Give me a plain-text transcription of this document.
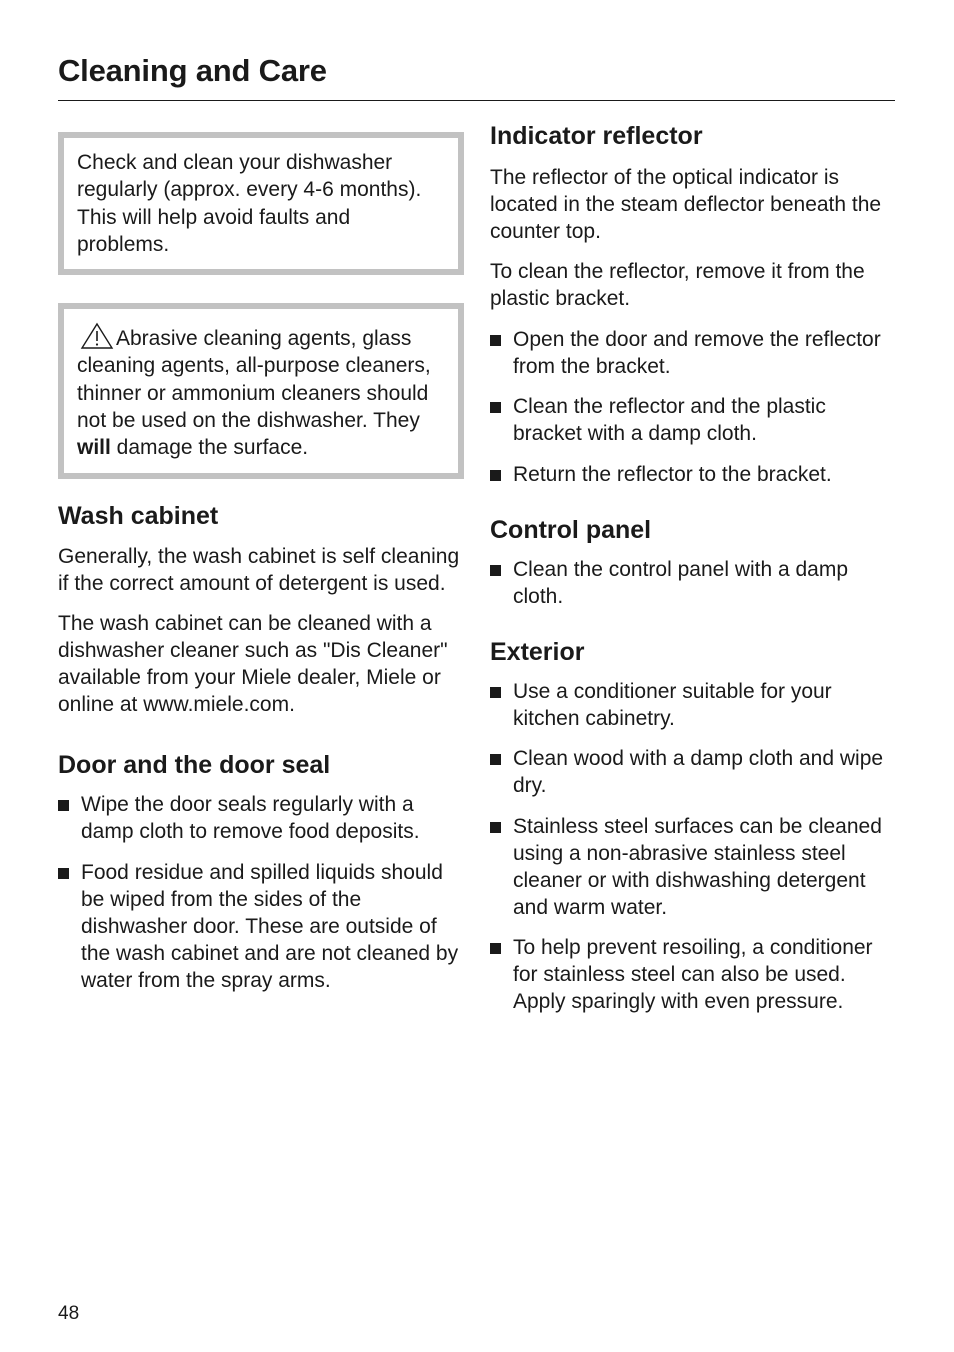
Cleaning and Care

Check and clean your dishwasher regularly (approx. every 4-6 months). This will help avoid faults and problems.

Abrasive cleaning agents, glass cleaning agents, all-purpose cleaners, thinner or ammonium cleaners should not be used on the dishwasher. They will damage the surface.

Wash cabinet

Generally, the wash cabinet is self cleaning if the correct amount of detergent is used.

The wash cabinet can be cleaned with a dishwasher cleaner such as "Dis Cleaner" available from your Miele dealer, Miele or online at www.miele.com.

Door and the door seal
Wipe the door seals regularly with a damp cloth to remove food deposits.
Food residue and spilled liquids should be wiped from the sides of the dishwasher door. These are outside of the wash cabinet and are not cleaned by water from the spray arms.
Indicator reflector

The reflector of the optical indicator is located in the steam deflector beneath the counter top.

To clean the reflector, remove it from the plastic bracket.

Open the door and remove the reflector from the bracket.
Clean the reflector and the plastic bracket with a damp cloth.
Return the reflector to the bracket.
Control panel
Clean the control panel with a damp cloth.
Exterior
Use a conditioner suitable for your kitchen cabinetry.
Clean wood with a damp cloth and wipe dry.
Stainless steel surfaces can be cleaned using a non-abrasive stainless steel cleaner or with dishwashing detergent and warm water.
To help prevent resoiling, a conditioner for stainless steel can also be used. Apply sparingly with even pressure.
48
